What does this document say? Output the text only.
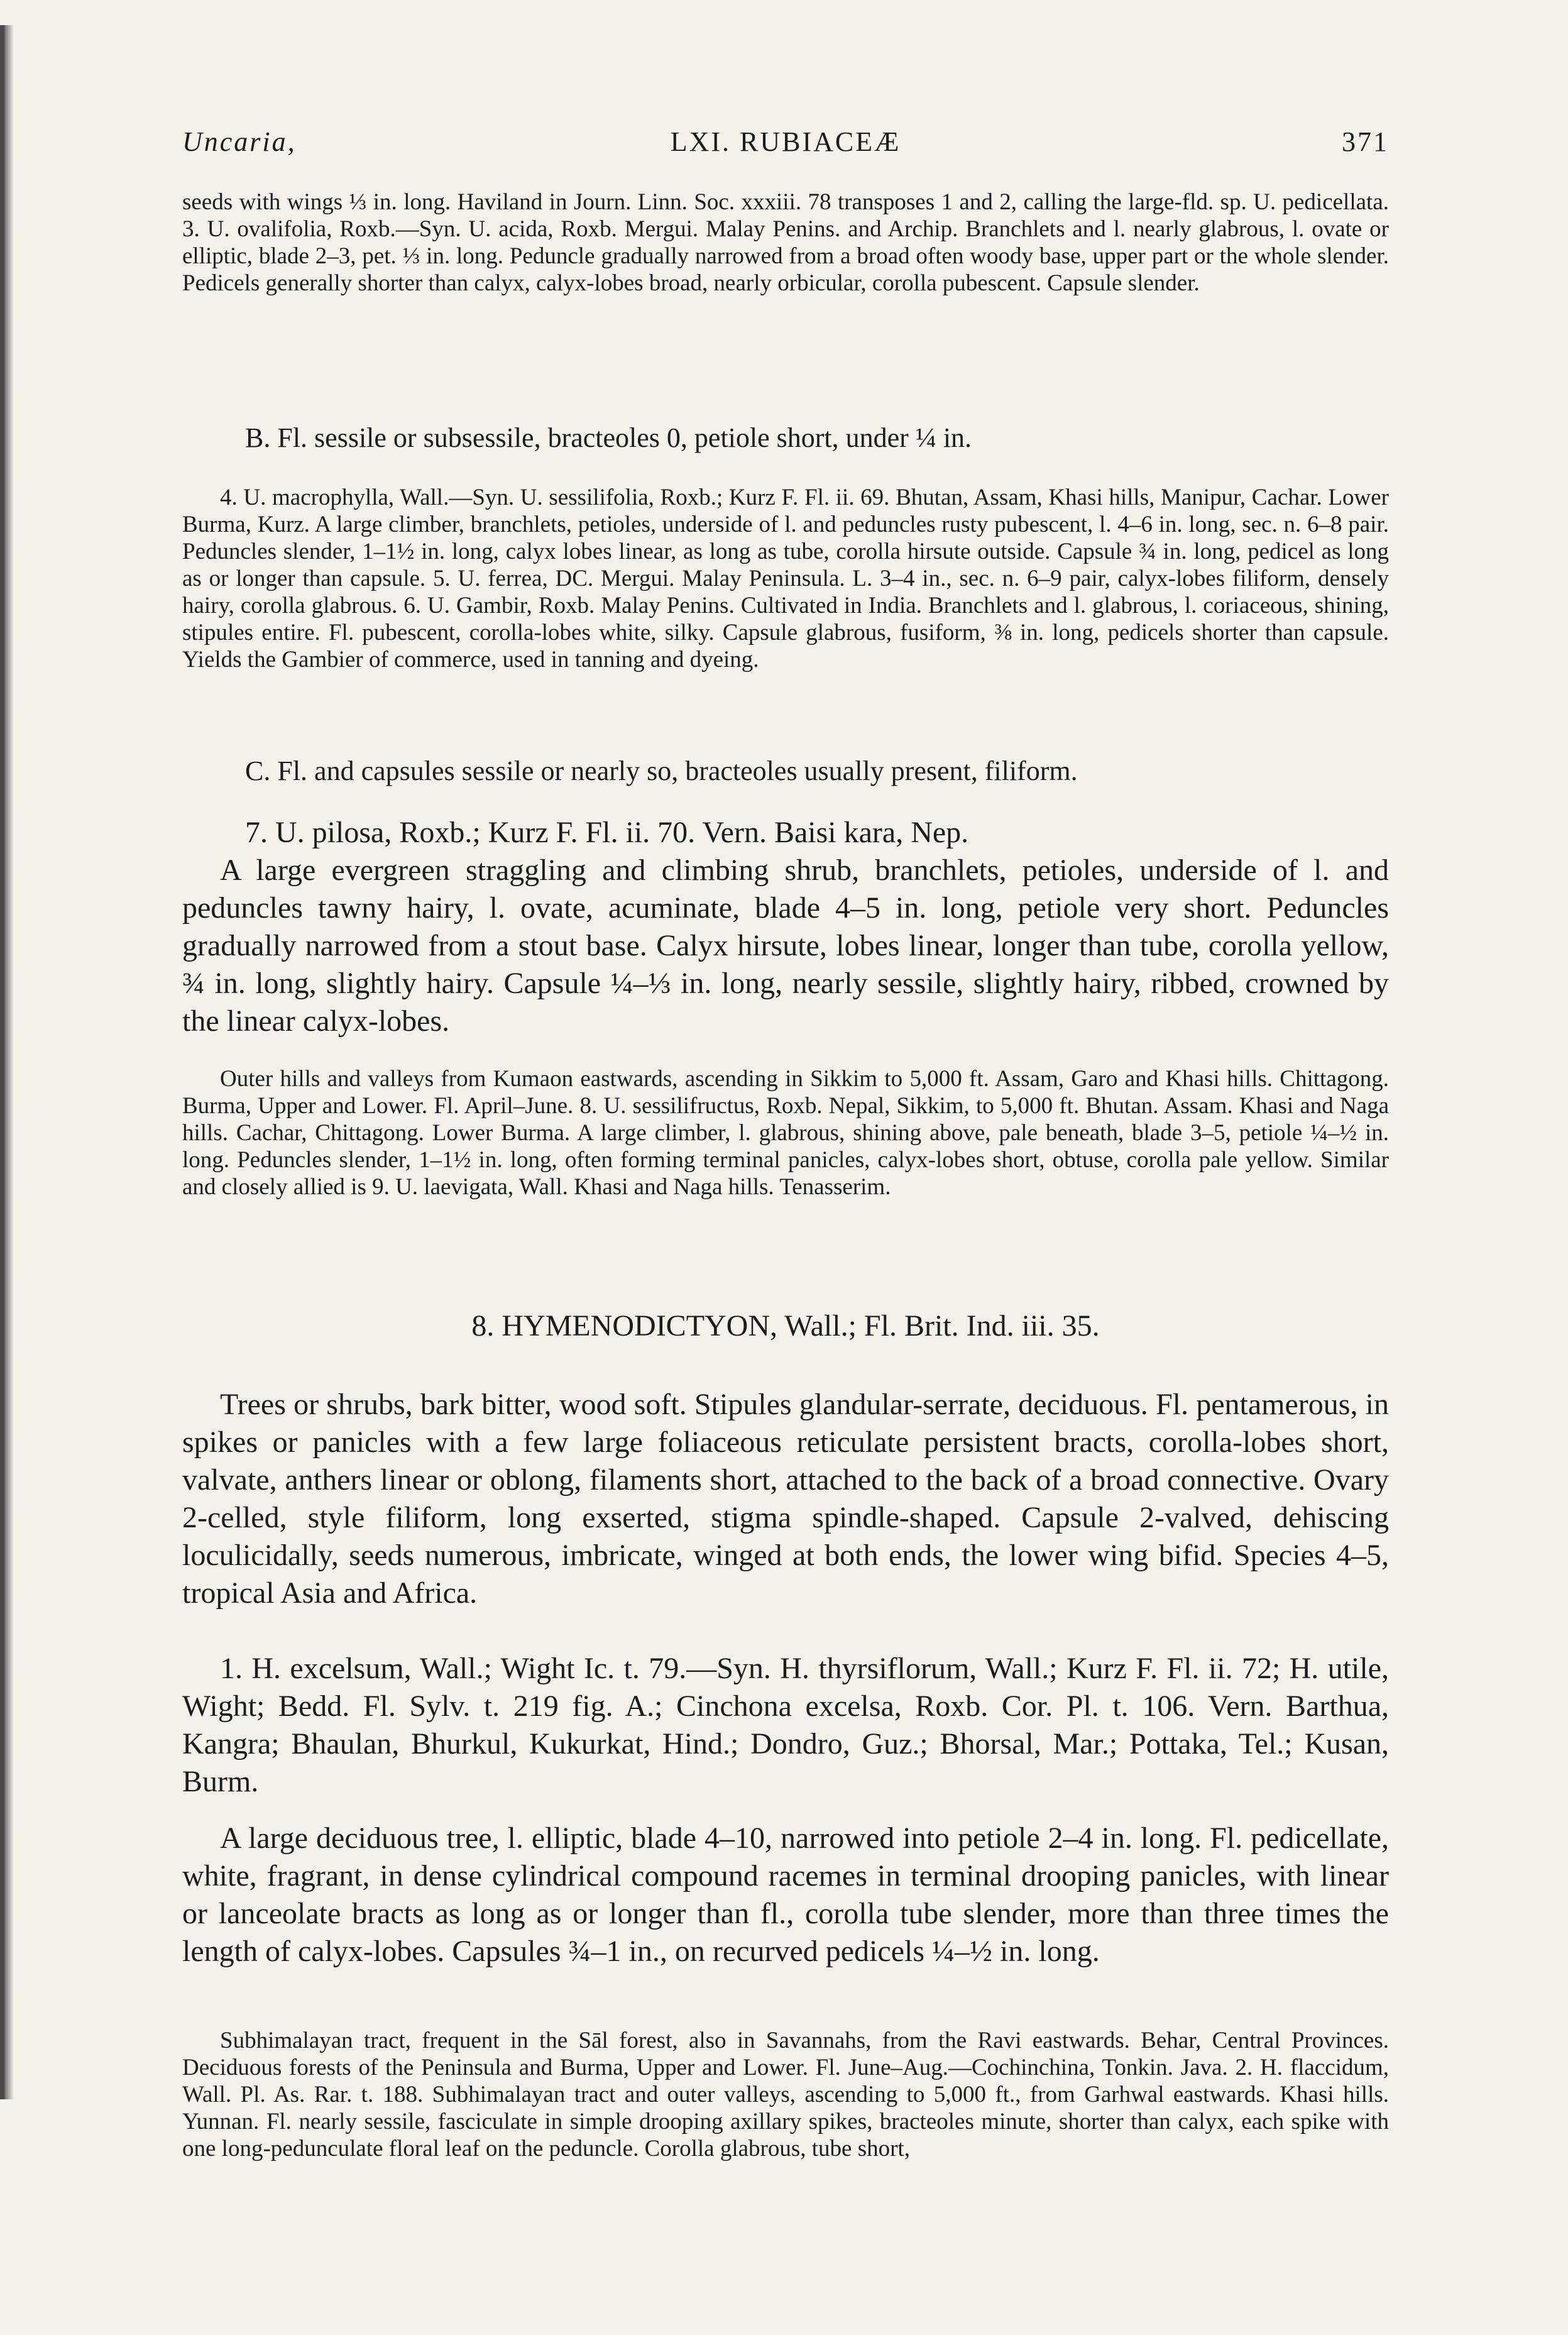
Uncaria,	LXI. RUBIACEÆ	371
seeds with wings ⅓ in. long. Haviland in Journ. Linn. Soc. xxxiii. 78 transposes 1 and 2, calling the large-fld. sp. U. pedicellata. 3. U. ovalifolia, Roxb.—Syn. U. acida, Roxb. Mergui. Malay Penins. and Archip. Branchlets and l. nearly glabrous, l. ovate or elliptic, blade 2–3, pet. ⅓ in. long. Peduncle gradually narrowed from a broad often woody base, upper part or the whole slender. Pedicels generally shorter than calyx, calyx-lobes broad, nearly orbicular, corolla pubescent. Capsule slender.
B. Fl. sessile or subsessile, bracteoles 0, petiole short, under ¼ in.
4. U. macrophylla, Wall.—Syn. U. sessilifolia, Roxb.; Kurz F. Fl. ii. 69. Bhutan, Assam, Khasi hills, Manipur, Cachar. Lower Burma, Kurz. A large climber, branchlets, petioles, underside of l. and peduncles rusty pubescent, l. 4–6 in. long, sec. n. 6–8 pair. Peduncles slender, 1–1½ in. long, calyx lobes linear, as long as tube, corolla hirsute outside. Capsule ¾ in. long, pedicel as long as or longer than capsule. 5. U. ferrea, DC. Mergui. Malay Peninsula. L. 3–4 in., sec. n. 6–9 pair, calyx-lobes filiform, densely hairy, corolla glabrous. 6. U. Gambir, Roxb. Malay Penins. Cultivated in India. Branchlets and l. glabrous, l. coriaceous, shining, stipules entire. Fl. pubescent, corolla-lobes white, silky. Capsule glabrous, fusiform, ⅜ in. long, pedicels shorter than capsule. Yields the Gambier of commerce, used in tanning and dyeing.
C. Fl. and capsules sessile or nearly so, bracteoles usually present, filiform.
7. U. pilosa, Roxb.; Kurz F. Fl. ii. 70. Vern. Baisi kara, Nep.
A large evergreen straggling and climbing shrub, branchlets, petioles, underside of l. and peduncles tawny hairy, l. ovate, acuminate, blade 4–5 in. long, petiole very short. Peduncles gradually narrowed from a stout base. Calyx hirsute, lobes linear, longer than tube, corolla yellow, ¾ in. long, slightly hairy. Capsule ¼–⅓ in. long, nearly sessile, slightly hairy, ribbed, crowned by the linear calyx-lobes.
Outer hills and valleys from Kumaon eastwards, ascending in Sikkim to 5,000 ft. Assam, Garo and Khasi hills. Chittagong. Burma, Upper and Lower. Fl. April–June. 8. U. sessilifructus, Roxb. Nepal, Sikkim, to 5,000 ft. Bhutan. Assam. Khasi and Naga hills. Cachar, Chittagong. Lower Burma. A large climber, l. glabrous, shining above, pale beneath, blade 3–5, petiole ¼–½ in. long. Peduncles slender, 1–1½ in. long, often forming terminal panicles, calyx-lobes short, obtuse, corolla pale yellow. Similar and closely allied is 9. U. laevigata, Wall. Khasi and Naga hills. Tenasserim.
8. HYMENODICTYON, Wall.; Fl. Brit. Ind. iii. 35.
Trees or shrubs, bark bitter, wood soft. Stipules glandular-serrate, deciduous. Fl. pentamerous, in spikes or panicles with a few large foliaceous reticulate persistent bracts, corolla-lobes short, valvate, anthers linear or oblong, filaments short, attached to the back of a broad connective. Ovary 2-celled, style filiform, long exserted, stigma spindle-shaped. Capsule 2-valved, dehiscing loculicidally, seeds numerous, imbricate, winged at both ends, the lower wing bifid. Species 4–5, tropical Asia and Africa.
1. H. excelsum, Wall.; Wight Ic. t. 79.—Syn. H. thyrsiflorum, Wall.; Kurz F. Fl. ii. 72; H. utile, Wight; Bedd. Fl. Sylv. t. 219 fig. A.; Cinchona excelsa, Roxb. Cor. Pl. t. 106. Vern. Barthua, Kangra; Bhaulan, Bhurkul, Kukurkat, Hind.; Dondro, Guz.; Bhorsal, Mar.; Pottaka, Tel.; Kusan, Burm.
A large deciduous tree, l. elliptic, blade 4–10, narrowed into petiole 2–4 in. long. Fl. pedicellate, white, fragrant, in dense cylindrical compound racemes in terminal drooping panicles, with linear or lanceolate bracts as long as or longer than fl., corolla tube slender, more than three times the length of calyx-lobes. Capsules ¾–1 in., on recurved pedicels ¼–½ in. long.
Subhimalayan tract, frequent in the Sāl forest, also in Savannahs, from the Ravi eastwards. Behar, Central Provinces. Deciduous forests of the Peninsula and Burma, Upper and Lower. Fl. June–Aug.—Cochinchina, Tonkin. Java. 2. H. flaccidum, Wall. Pl. As. Rar. t. 188. Subhimalayan tract and outer valleys, ascending to 5,000 ft., from Garhwal eastwards. Khasi hills. Yunnan. Fl. nearly sessile, fasciculate in simple drooping axillary spikes, bracteoles minute, shorter than calyx, each spike with one long-pedunculate floral leaf on the peduncle. Corolla glabrous, tube short,
